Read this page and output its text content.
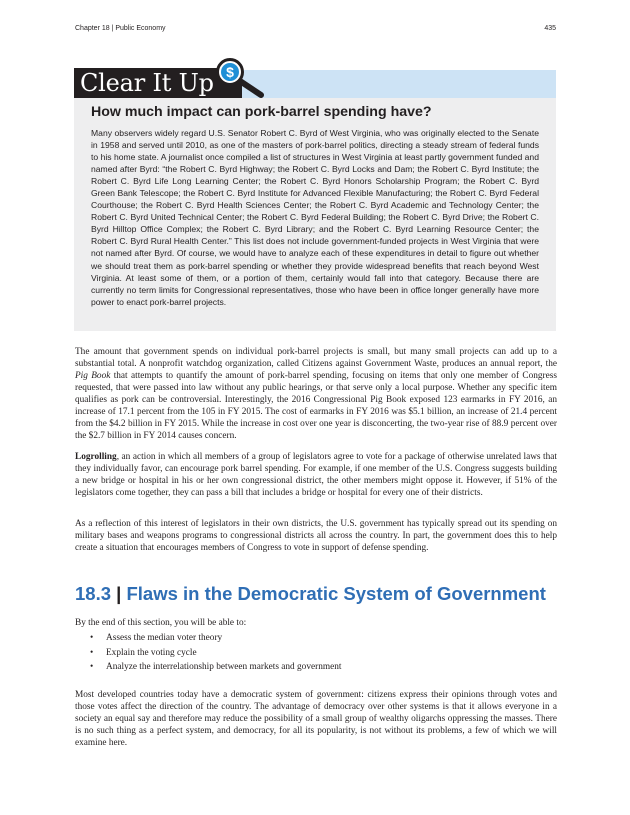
Chapter 18 | Public Economy	435
Clear It Up $
How much impact can pork-barrel spending have?
Many observers widely regard U.S. Senator Robert C. Byrd of West Virginia, who was originally elected to the Senate in 1958 and served until 2010, as one of the masters of pork-barrel politics, directing a steady stream of federal funds to his home state. A journalist once compiled a list of structures in West Virginia at least partly government funded and named after Byrd: “the Robert C. Byrd Highway; the Robert C. Byrd Locks and Dam; the Robert C. Byrd Institute; the Robert C. Byrd Life Long Learning Center; the Robert C. Byrd Honors Scholarship Program; the Robert C. Byrd Green Bank Telescope; the Robert C. Byrd Institute for Advanced Flexible Manufacturing; the Robert C. Byrd Federal Courthouse; the Robert C. Byrd Health Sciences Center; the Robert C. Byrd Academic and Technology Center; the Robert C. Byrd United Technical Center; the Robert C. Byrd Federal Building; the Robert C. Byrd Drive; the Robert C. Byrd Hilltop Office Complex; the Robert C. Byrd Library; and the Robert C. Byrd Learning Resource Center; the Robert C. Byrd Rural Health Center.” This list does not include government-funded projects in West Virginia that were not named after Byrd. Of course, we would have to analyze each of these expenditures in detail to figure out whether we should treat them as pork-barrel spending or whether they provide widespread benefits that reach beyond West Virginia. At least some of them, or a portion of them, certainly would fall into that category. Because there are currently no term limits for Congressional representatives, those who have been in office longer generally have more power to enact pork-barrel projects.
The amount that government spends on individual pork-barrel projects is small, but many small projects can add up to a substantial total. A nonprofit watchdog organization, called Citizens against Government Waste, produces an annual report, the Pig Book that attempts to quantify the amount of pork-barrel spending, focusing on items that only one member of Congress requested, that were passed into law without any public hearings, or that serve only a local purpose. Whether any specific item qualifies as pork can be controversial. Interestingly, the 2016 Congressional Pig Book exposed 123 earmarks in FY 2016, an increase of 17.1 percent from the 105 in FY 2015. The cost of earmarks in FY 2016 was $5.1 billion, an increase of 21.4 percent from the $4.2 billion in FY 2015. While the increase in cost over one year is disconcerting, the two-year rise of 88.9 percent over the $2.7 billion in FY 2014 causes concern.
Logrolling, an action in which all members of a group of legislators agree to vote for a package of otherwise unrelated laws that they individually favor, can encourage pork barrel spending. For example, if one member of the U.S. Congress suggests building a new bridge or hospital in his or her own congressional district, the other members might oppose it. However, if 51% of the legislators come together, they can pass a bill that includes a bridge or hospital for every one of their districts.
As a reflection of this interest of legislators in their own districts, the U.S. government has typically spread out its spending on military bases and weapons programs to congressional districts all across the country. In part, the government does this to help create a situation that encourages members of Congress to vote in support of defense spending.
18.3 | Flaws in the Democratic System of Government
By the end of this section, you will be able to:
• Assess the median voter theory
• Explain the voting cycle
• Analyze the interrelationship between markets and government
Most developed countries today have a democratic system of government: citizens express their opinions through votes and those votes affect the direction of the country. The advantage of democracy over other systems is that it allows everyone in a society an equal say and therefore may reduce the possibility of a small group of wealthy oligarchs oppressing the masses. There is no such thing as a perfect system, and democracy, for all its popularity, is not without its problems, a few of which we will examine here.
